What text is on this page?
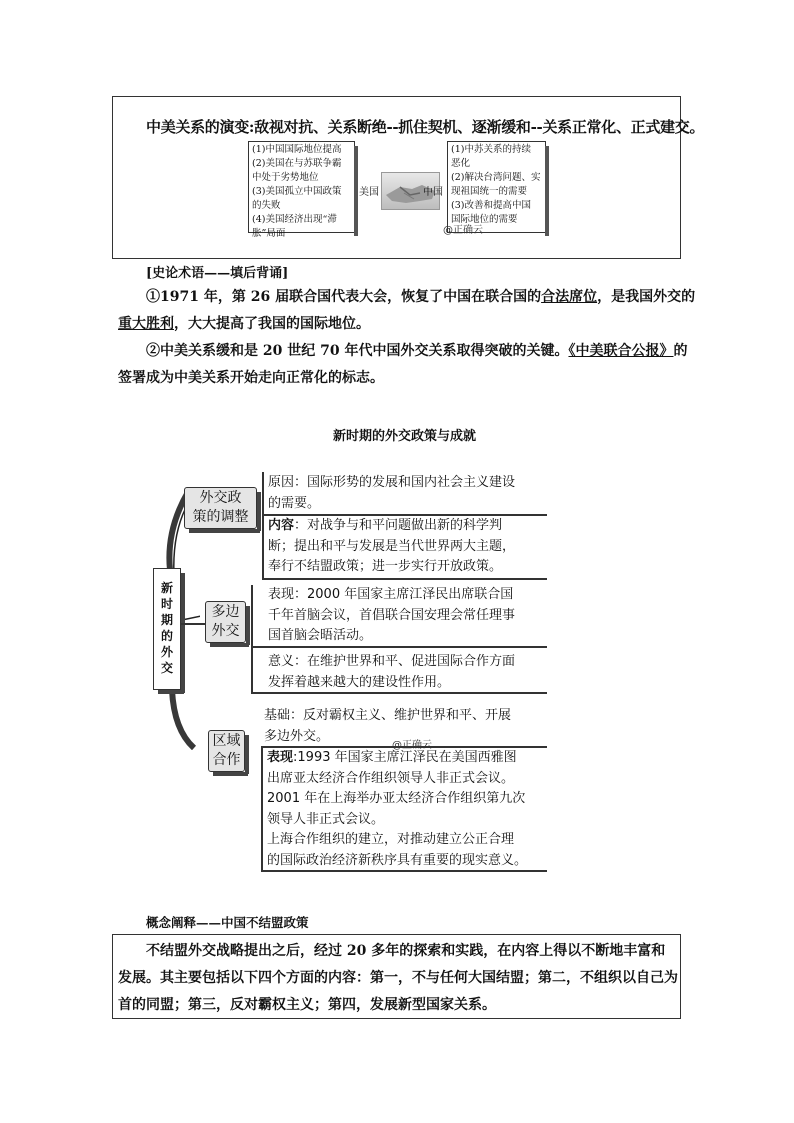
中美关系的演变:敌视对抗、关系断绝--抓住契机、逐渐缓和--关系正常化、正式建交。
(1)中国国际地位提高
(2)美国在与苏联争霸
中处于劣势地位
(3)美国孤立中国政策
的失败
(4)美国经济出现“滞
胀”局面
美国	中国
(1)中苏关系的持续
恶化
(2)解决台湾问题、实
现祖国统一的需要
(3)改善和提高中国
国际地位的需要
@正确云
[史论术语——填后背诵]
①1971 年，第 26 届联合国代表大会，恢复了中国在联合国的合法席位，是我国外交的
重大胜利，大大提高了我国的国际地位。
②中美关系缓和是 20 世纪 70 年代中国外交关系取得突破的关键。《中美联合公报》的
签署成为中美关系开始走向正常化的标志。
新时期的外交政策与成就
新
时
期
的
外
交
外交政
策的调整
原因：国际形势的发展和国内社会主义建设
的需要。
内容：对战争与和平问题做出新的科学判
断；提出和平与发展是当代世界两大主题，
奉行不结盟政策；进一步实行开放政策。
多边
外交
表现：2000 年国家主席江泽民出席联合国
千年首脑会议，首倡联合国安理会常任理事
国首脑会晤活动。
意义：在维护世界和平、促进国际合作方面
发挥着越来越大的建设性作用。
区域
合作
基础：反对霸权主义、维护世界和平、开展
多边外交。
表现:1993 年国家主席江泽民在美国西雅图
出席亚太经济合作组织领导人非正式会议。
2001 年在上海举办亚太经济合作组织第九次
领导人非正式会议。
上海合作组织的建立，对推动建立公正合理
的国际政治经济新秩序具有重要的现实意义。
概念阐释——中国不结盟政策
不结盟外交战略提出之后，经过 20 多年的探索和实践，在内容上得以不断地丰富和发展。其主要包括以下四个方面的内容：第一，不与任何大国结盟；第二，不组织以自己为首的同盟；第三，反对霸权主义；第四，发展新型国家关系。
